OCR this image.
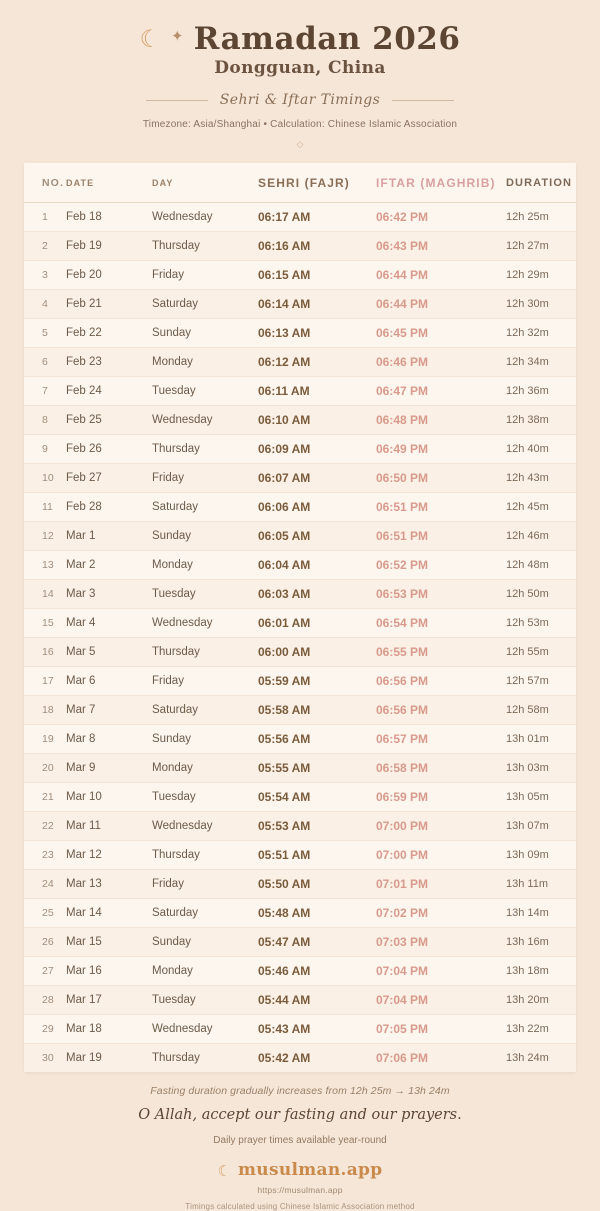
☾ ✦ Ramadan 2026
Dongguan, China
Sehri & Iftar Timings
Timezone: Asia/Shanghai • Calculation: Chinese Islamic Association
◇
NO.	DATE	DAY	SEHRI (FAJR)	IFTAR (MAGHRIB)	DURATION
1	Feb 18	Wednesday	06:17 AM	06:42 PM	12h 25m
2	Feb 19	Thursday	06:16 AM	06:43 PM	12h 27m
3	Feb 20	Friday	06:15 AM	06:44 PM	12h 29m
4	Feb 21	Saturday	06:14 AM	06:44 PM	12h 30m
5	Feb 22	Sunday	06:13 AM	06:45 PM	12h 32m
6	Feb 23	Monday	06:12 AM	06:46 PM	12h 34m
7	Feb 24	Tuesday	06:11 AM	06:47 PM	12h 36m
8	Feb 25	Wednesday	06:10 AM	06:48 PM	12h 38m
9	Feb 26	Thursday	06:09 AM	06:49 PM	12h 40m
10	Feb 27	Friday	06:07 AM	06:50 PM	12h 43m
11	Feb 28	Saturday	06:06 AM	06:51 PM	12h 45m
12	Mar 1	Sunday	06:05 AM	06:51 PM	12h 46m
13	Mar 2	Monday	06:04 AM	06:52 PM	12h 48m
14	Mar 3	Tuesday	06:03 AM	06:53 PM	12h 50m
15	Mar 4	Wednesday	06:01 AM	06:54 PM	12h 53m
16	Mar 5	Thursday	06:00 AM	06:55 PM	12h 55m
17	Mar 6	Friday	05:59 AM	06:56 PM	12h 57m
18	Mar 7	Saturday	05:58 AM	06:56 PM	12h 58m
19	Mar 8	Sunday	05:56 AM	06:57 PM	13h 01m
20	Mar 9	Monday	05:55 AM	06:58 PM	13h 03m
21	Mar 10	Tuesday	05:54 AM	06:59 PM	13h 05m
22	Mar 11	Wednesday	05:53 AM	07:00 PM	13h 07m
23	Mar 12	Thursday	05:51 AM	07:00 PM	13h 09m
24	Mar 13	Friday	05:50 AM	07:01 PM	13h 11m
25	Mar 14	Saturday	05:48 AM	07:02 PM	13h 14m
26	Mar 15	Sunday	05:47 AM	07:03 PM	13h 16m
27	Mar 16	Monday	05:46 AM	07:04 PM	13h 18m
28	Mar 17	Tuesday	05:44 AM	07:04 PM	13h 20m
29	Mar 18	Wednesday	05:43 AM	07:05 PM	13h 22m
30	Mar 19	Thursday	05:42 AM	07:06 PM	13h 24m
Fasting duration gradually increases from 12h 25m → 13h 24m
O Allah, accept our fasting and our prayers.
Daily prayer times available year-round
☾ musulman.app
https://musulman.app
Timings calculated using Chinese Islamic Association method
